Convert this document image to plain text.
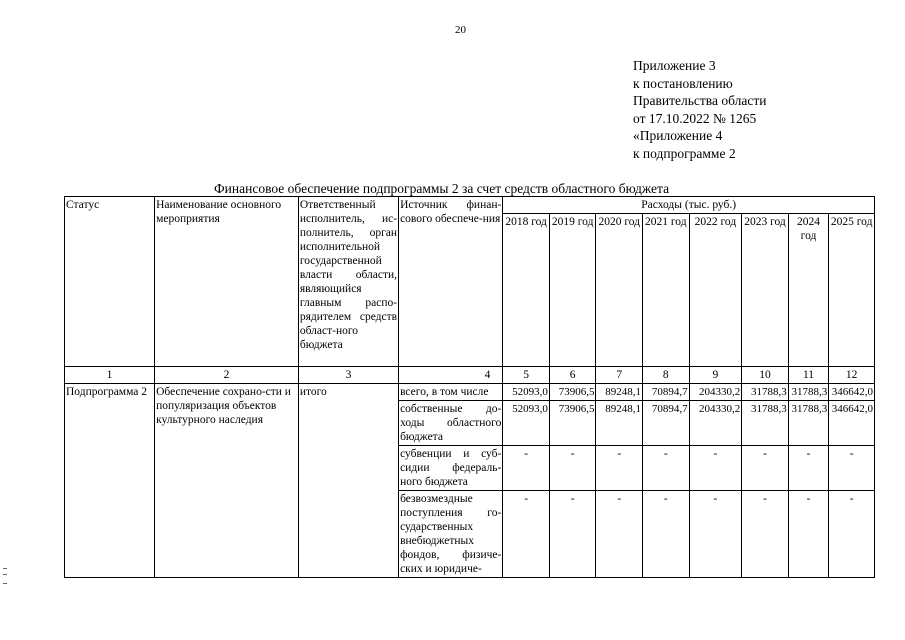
20
Приложение 3
к постановлению
Правительства области
от 17.10.2022 № 1265
«Приложение 4
к подпрограмме 2
Финансовое обеспечение подпрограммы 2 за счет средств областного бюджета
Статус	Наименование основного мероприятия	Ответственный исполнитель, ис-полнитель, орган исполнительной государственной власти области, являющийся главным распо-рядителем средств област-ного бюджета	Источник финан-сового обеспече-ния	Расходы (тыс. руб.)							
				2018 год	2019 год	2020 год	2021 год	2022 год	2023 год	2024 год	2025 год
1	2	3	4	5	6	7	8	9	10	11	12
Подпрограмма 2	Обеспечение сохрано-сти и популяризация объектов культурного наследия	итого	всего, в том числе	52093,0	73906,5	89248,1	70894,7	204330,2	31788,3	31788,3	346642,0
			собственные до-ходы областного бюджета	52093,0	73906,5	89248,1	70894,7	204330,2	31788,3	31788,3	346642,0
			субвенции и суб-сидии федераль-ного бюджета	-	-	-	-	-	-	-	-
			безвозмездные поступления го-сударственных внебюджетных фондов, физиче-ских и юридиче-	-	-	-	-	-	-	-	-
